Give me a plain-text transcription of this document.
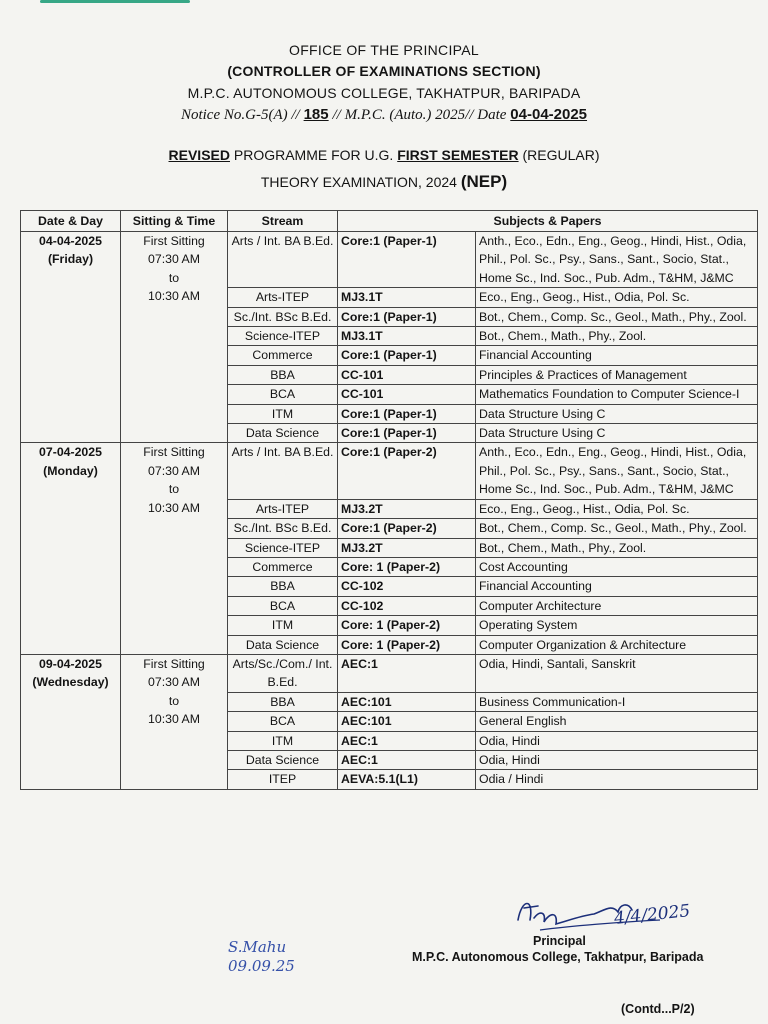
OFFICE OF THE PRINCIPAL
(CONTROLLER OF EXAMINATIONS SECTION)
M.P.C. AUTONOMOUS COLLEGE, TAKHATPUR, BARIPADA
Notice No.G-5(A) // 185 // M.P.C. (Auto.) 2025// Date 04-04-2025
REVISED PROGRAMME FOR U.G. FIRST SEMESTER (REGULAR)
THEORY EXAMINATION, 2024 (NEP)
Date & Day	Sitting & Time	Stream	Subjects & Papers	

04-04-2025
(Friday)	First Sitting
07:30 AM
to
10:30 AM	Arts / Int. BA B.Ed.	Core:1 (Paper-1)	Anth., Eco., Edn., Eng., Geog., Hindi, Hist., Odia, Phil., Pol. Sc., Psy., Sans., Sant., Socio, Stat., Home Sc., Ind. Soc., Pub. Adm., T&HM, J&MC
		Arts-ITEP	MJ3.1T	Eco., Eng., Geog., Hist., Odia, Pol. Sc.
		Sc./Int. BSc B.Ed.	Core:1 (Paper-1)	Bot., Chem., Comp. Sc., Geol., Math., Phy., Zool.
		Science-ITEP	MJ3.1T	Bot., Chem., Math., Phy., Zool.
		Commerce	Core:1 (Paper-1)	Financial Accounting
		BBA	CC-101	Principles & Practices of Management
		BCA	CC-101	Mathematics Foundation to Computer Science-I
		ITM	Core:1 (Paper-1)	Data Structure Using C
		Data Science	Core:1 (Paper-1)	Data Structure Using C

07-04-2025
(Monday)	First Sitting
07:30 AM
to
10:30 AM	Arts / Int. BA B.Ed.	Core:1 (Paper-2)	Anth., Eco., Edn., Eng., Geog., Hindi, Hist., Odia, Phil., Pol. Sc., Psy., Sans., Sant., Socio, Stat., Home Sc., Ind. Soc., Pub. Adm., T&HM, J&MC
		Arts-ITEP	MJ3.2T	Eco., Eng., Geog., Hist., Odia, Pol. Sc.
		Sc./Int. BSc B.Ed.	Core:1 (Paper-2)	Bot., Chem., Comp. Sc., Geol., Math., Phy., Zool.
		Science-ITEP	MJ3.2T	Bot., Chem., Math., Phy., Zool.
		Commerce	Core: 1 (Paper-2)	Cost Accounting
		BBA	CC-102	Financial Accounting
		BCA	CC-102	Computer Architecture
		ITM	Core: 1 (Paper-2)	Operating System
		Data Science	Core: 1 (Paper-2)	Computer Organization & Architecture

09-04-2025
(Wednesday)	First Sitting
07:30 AM
to
10:30 AM	Arts/Sc./Com./ Int. B.Ed.	AEC:1	Odia, Hindi, Santali, Sanskrit
		BBA	AEC:101	Business Communication-I
		BCA	AEC:101	General English
		ITM	AEC:1	Odia, Hindi
		Data Science	AEC:1	Odia, Hindi
		ITEP	AEVA:5.1(L1)	Odia / Hindi
4/4/2025
Principal
M.P.C. Autonomous College, Takhatpur, Baripada
(Contd...P/2)
S.Mahu
09.09.25
